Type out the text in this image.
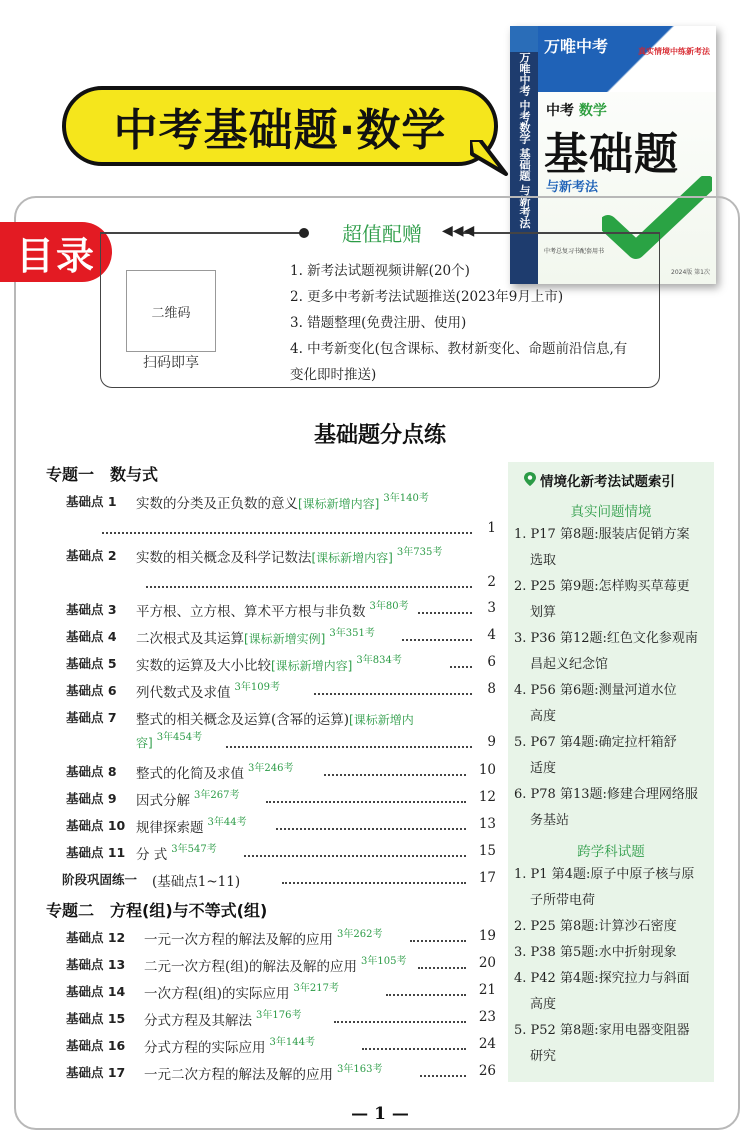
中考基础题·数学	万唯中考 中考数学 基础题 与新考法
万唯中考	真实情境中练新考法
中考 数学
基础题
与新考法
中考总复习书配套用书
2024版 第1次
目录	超值配赠	◀◀◀
二维码
扫码即享
1. 新考法试题视频讲解(20个)
2. 更多中考新考法试题推送(2023年9月上市)
3. 错题整理(免费注册、使用)
4. 中考新变化(包含课标、教材新变化、命题前沿信息,有
变化即时推送)
基础题分点练
专题一　数与式
基础点 1 实数的分类及正负数的意义[课标新增内容] $^{3年140考}$
1
基础点 2 实数的相关概念及科学记数法[课标新增内容] $^{3年735考}$
2
基础点 3 平方根、立方根、算术平方根与非负数 $^{3年80考}$	3
基础点 4 二次根式及其运算[课标新增实例] $^{3年351考}$	4
基础点 5 实数的运算及大小比较[课标新增内容] $^{3年834考}$	6
基础点 6 列代数式及求值 $^{3年109考}$	8
基础点 7 整式的相关概念及运算(含幂的运算)[课标新增内
容] $^{3年454考}$	9
基础点 8 整式的化简及求值 $^{3年246考}$	10
基础点 9 因式分解 $^{3年267考}$	12
基础点 10 规律探索题 $^{3年44考}$	13
基础点 11 分 式 $^{3年547考}$	15
阶段巩固练一 (基础点1~11)	17
专题二　方程(组)与不等式(组)
基础点 12 一元一次方程的解法及解的应用 $^{3年262考}$	19
基础点 13 二元一次方程(组)的解法及解的应用 $^{3年105考}$	20
基础点 14 一次方程(组)的实际应用 $^{3年217考}$	21
基础点 15 分式方程及其解法 $^{3年176考}$	23
基础点 16 分式方程的实际应用 $^{3年144考}$	24
基础点 17 一元二次方程的解法及解的应用 $^{3年163考}$	26
情境化新考法试题索引
真实问题情境
1. P17 第8题:服装店促销方案
选取
2. P25 第9题:怎样购买草莓更
划算
3. P36 第12题:红色文化参观南
昌起义纪念馆
4. P56 第6题:测量河道水位
高度
5. P67 第4题:确定拉杆箱舒
适度
6. P78 第13题:修建合理网络服
务基站
跨学科试题
1. P1 第4题:原子中原子核与原
子所带电荷
2. P25 第8题:计算沙石密度
3. P38 第5题:水中折射现象
4. P42 第4题:探究拉力与斜面
高度
5. P52 第8题:家用电器变阻器
研究
— 1 —
